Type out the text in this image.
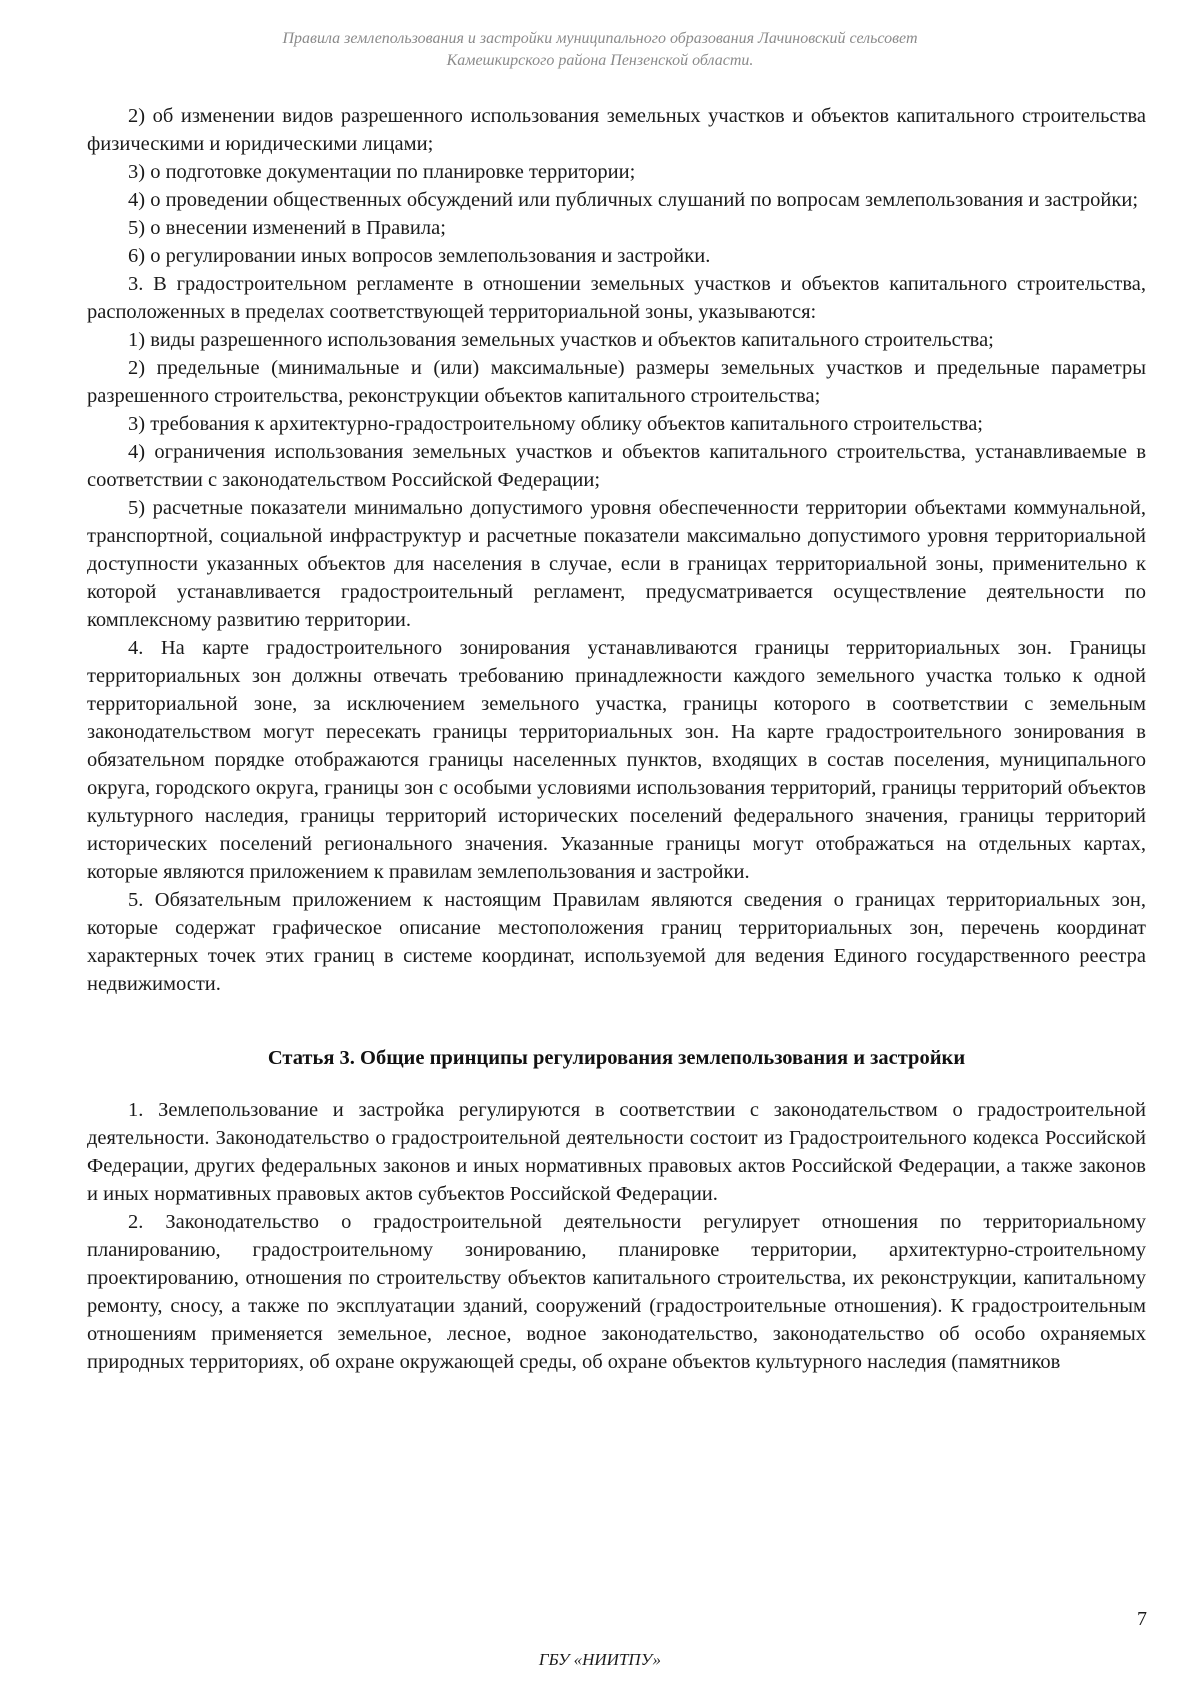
Правила землепользования и застройки муниципального образования Лачиновский сельсовет
Камешкирского района Пензенской области.

2) об изменении видов разрешенного использования земельных участков и объектов капитального строительства физическими и юридическими лицами;

3) о подготовке документации по планировке территории;

4) о проведении общественных обсуждений или публичных слушаний по вопросам землепользования и застройки;

5) о внесении изменений в Правила;

6) о регулировании иных вопросов землепользования и застройки.

3. В градостроительном регламенте в отношении земельных участков и объектов капитального строительства, расположенных в пределах соответствующей территориальной зоны, указываются:

1) виды разрешенного использования земельных участков и объектов капитального строительства;

2) предельные (минимальные и (или) максимальные) размеры земельных участков и предельные параметры разрешенного строительства, реконструкции объектов капитального строительства;

3) требования к архитектурно-градостроительному облику объектов капитального строительства;

4) ограничения использования земельных участков и объектов капитального строительства, устанавливаемые в соответствии с законодательством Российской Федерации;

5) расчетные показатели минимально допустимого уровня обеспеченности территории объектами коммунальной, транспортной, социальной инфраструктур и расчетные показатели максимально допустимого уровня территориальной доступности указанных объектов для населения в случае, если в границах территориальной зоны, применительно к которой устанавливается градостроительный регламент, предусматривается осуществление деятельности по комплексному развитию территории.

4. На карте градостроительного зонирования устанавливаются границы территориальных зон. Границы территориальных зон должны отвечать требованию принадлежности каждого земельного участка только к одной территориальной зоне, за исключением земельного участка, границы которого в соответствии с земельным законодательством могут пересекать границы территориальных зон. На карте градостроительного зонирования в обязательном порядке отображаются границы населенных пунктов, входящих в состав поселения, муниципального округа, городского округа, границы зон с особыми условиями использования территорий, границы территорий объектов культурного наследия, границы территорий исторических поселений федерального значения, границы территорий исторических поселений регионального значения. Указанные границы могут отображаться на отдельных картах, которые являются приложением к правилам землепользования и застройки.

5. Обязательным приложением к настоящим Правилам являются сведения о границах территориальных зон, которые содержат графическое описание местоположения границ территориальных зон, перечень координат характерных точек этих границ в системе координат, используемой для ведения Единого государственного реестра недвижимости.

Статья 3. Общие принципы регулирования землепользования и застройки

1. Землепользование и застройка регулируются в соответствии с законодательством о градостроительной деятельности. Законодательство о градостроительной деятельности состоит из Градостроительного кодекса Российской Федерации, других федеральных законов и иных нормативных правовых актов Российской Федерации, а также законов и иных нормативных правовых актов субъектов Российской Федерации.

2. Законодательство о градостроительной деятельности регулирует отношения по территориальному планированию, градостроительному зонированию, планировке территории, архитектурно-строительному проектированию, отношения по строительству объектов капитального строительства, их реконструкции, капитальному ремонту, сносу, а также по эксплуатации зданий, сооружений (градостроительные отношения). К градостроительным отношениям применяется земельное, лесное, водное законодательство, законодательство об особо охраняемых природных территориях, об охране окружающей среды, об охране объектов культурного наследия (памятников

7
ГБУ «НИИТПУ»
